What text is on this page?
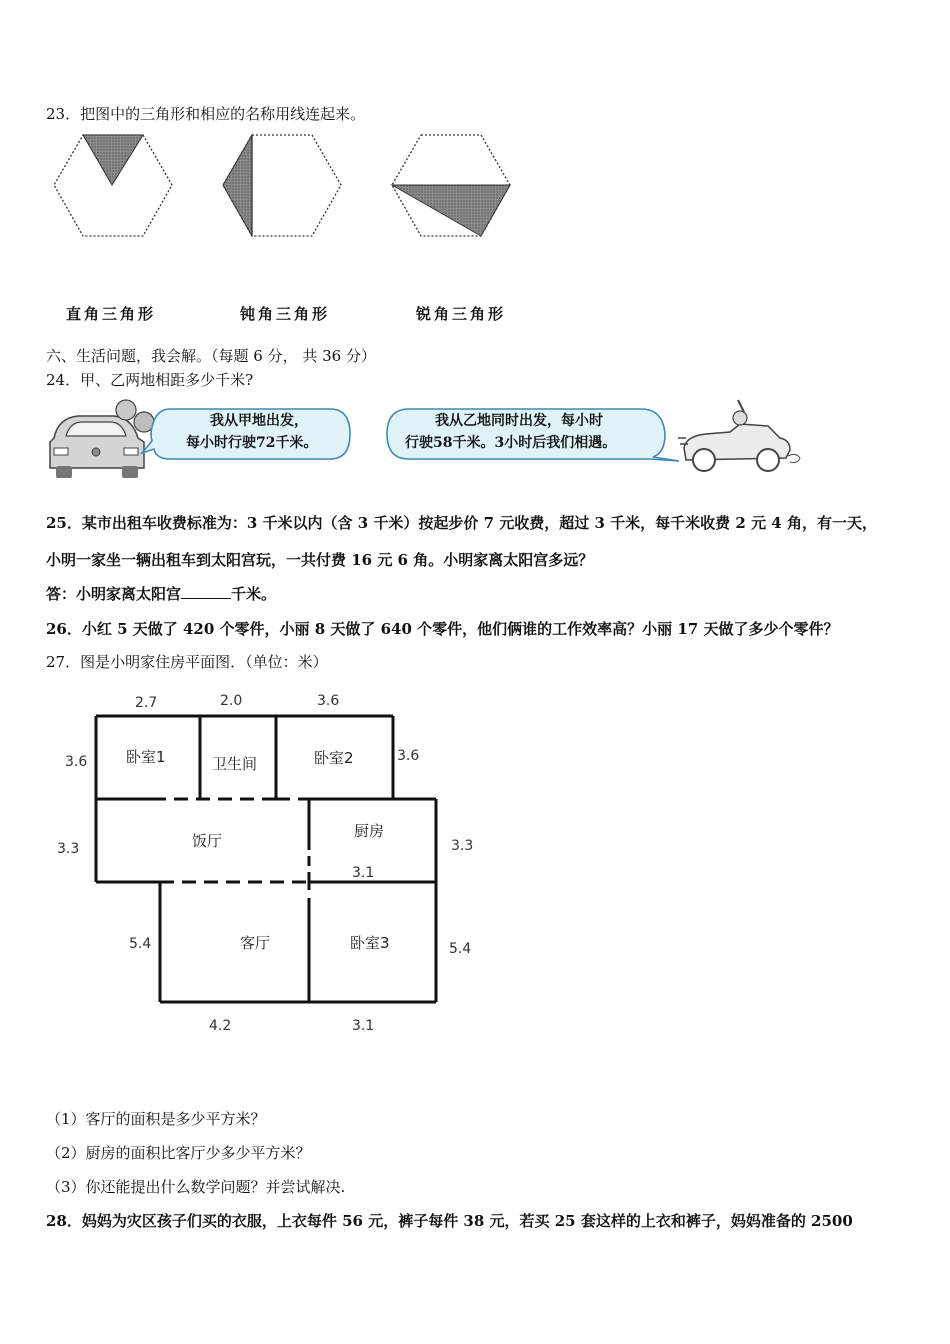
23．把图中的三角形和相应的名称用线连起来。
直角三角形	钝角三角形	锐角三角形
六、生活问题，我会解。（每题 6 分， 共 36 分）
24．甲、乙两地相距多少千米?
我从甲地出发，
每小时行驶72千米。
我从乙地同时出发，每小时
行驶58千米。3小时后我们相遇。
25．某市出租车收费标准为：3 千米以内（含 3 千米）按起步价 7 元收费，超过 3 千米，每千米收费 2 元 4 角，有一天，
小明一家坐一辆出租车到太阳宫玩，一共付费 16 元 6 角。小明家离太阳宫多远？
答：小明家离太阳宫	千米。
26．小红 5 天做了 420 个零件，小丽 8 天做了 640 个零件，他们俩谁的工作效率高？小丽 17 天做了多少个零件？
27．图是小明家住房平面图．（单位：米）
卧室1	卫生间	卧室2
饭厅
厨房
客厅	卧室3
2.7	2.0	3.6
3.6	3.6
3.3	3.3
3.1
5.4	5.4
4.2	3.1
（1）客厅的面积是多少平方米？
（2）厨房的面积比客厅少多少平方米？
（3）你还能提出什么数学问题？并尝试解决.
28．妈妈为灾区孩子们买的衣服，上衣每件 56 元，裤子每件 38 元，若买 25 套这样的上衣和裤子，妈妈准备的 2500
